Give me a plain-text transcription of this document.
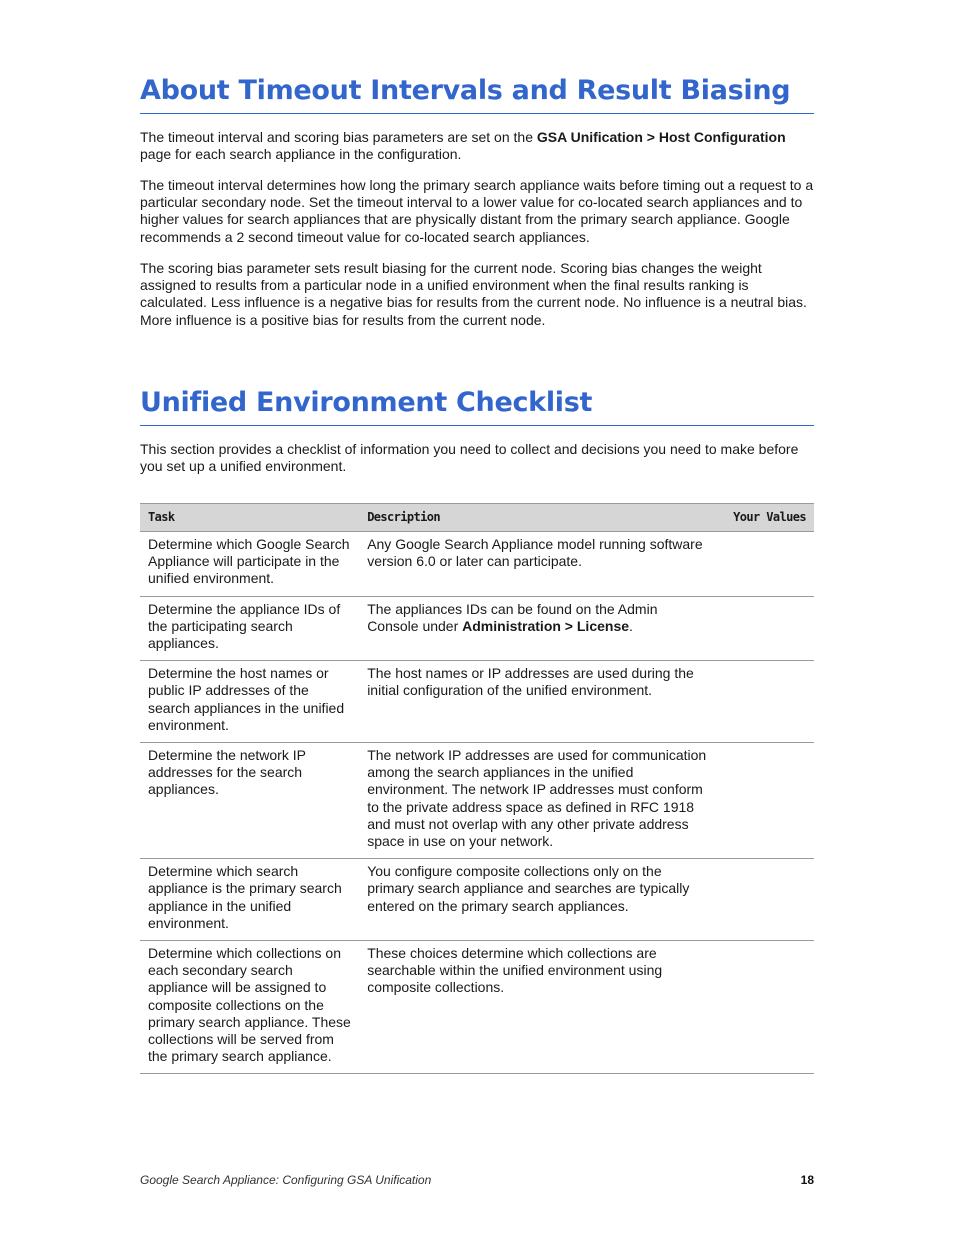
About Timeout Intervals and Result Biasing

The timeout interval and scoring bias parameters are set on the GSA Unification > Host Configuration page for each search appliance in the configuration.

The timeout interval determines how long the primary search appliance waits before timing out a request to a particular secondary node. Set the timeout interval to a lower value for co-located search appliances and to higher values for search appliances that are physically distant from the primary search appliance. Google recommends a 2 second timeout value for co-located search appliances.

The scoring bias parameter sets result biasing for the current node. Scoring bias changes the weight assigned to results from a particular node in a unified environment when the final results ranking is calculated. Less influence is a negative bias for results from the current node. No influence is a neutral bias. More influence is a positive bias for results from the current node.

Unified Environment Checklist

This section provides a checklist of information you need to collect and decisions you need to make before you set up a unified environment.

Task	Description	Your Values
Determine which Google Search Appliance will participate in the unified environment.	Any Google Search Appliance model running software version 6.0 or later can participate.	
Determine the appliance IDs of the participating search appliances.	The appliances IDs can be found on the Admin Console under Administration > License.	
Determine the host names or public IP addresses of the search appliances in the unified environment.	The host names or IP addresses are used during the initial configuration of the unified environment.	
Determine the network IP addresses for the search appliances.	The network IP addresses are used for communication among the search appliances in the unified environment. The network IP addresses must conform to the private address space as defined in RFC 1918 and must not overlap with any other private address space in use on your network.	
Determine which search appliance is the primary search appliance in the unified environment.	You configure composite collections only on the primary search appliance and searches are typically entered on the primary search appliances.	
Determine which collections on each secondary search appliance will be assigned to composite collections on the primary search appliance. These collections will be served from the primary search appliance.	These choices determine which collections are searchable within the unified environment using composite collections.	
Google Search Appliance: Configuring GSA Unification	18
